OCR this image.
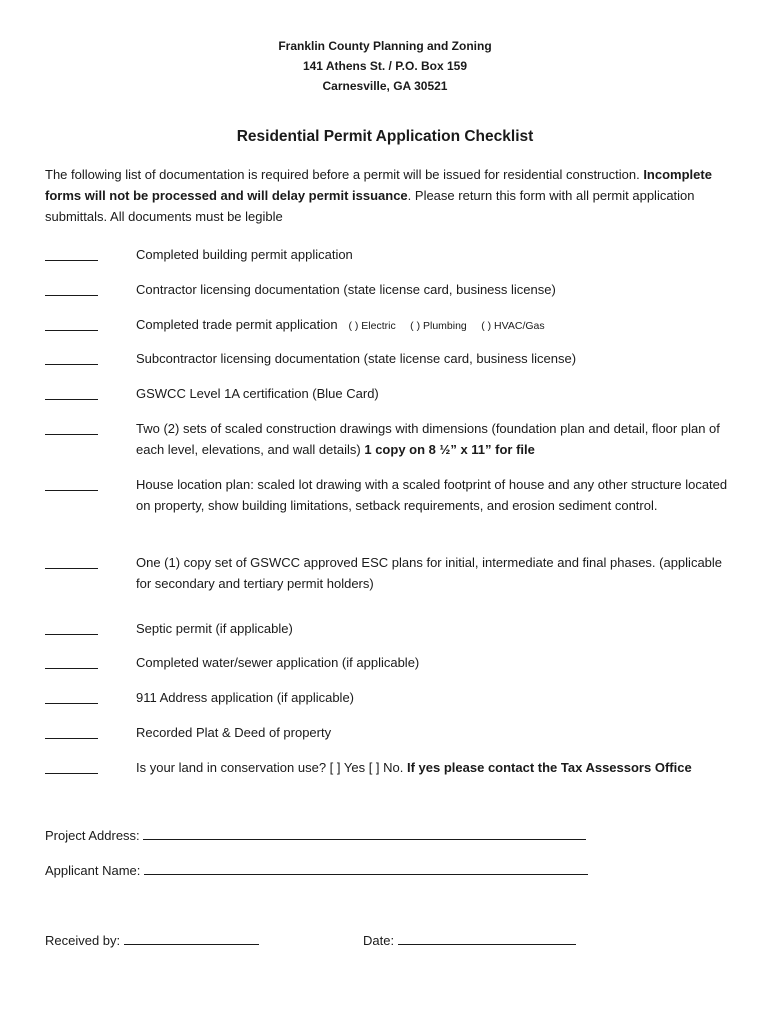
Franklin County Planning and Zoning
141 Athens St. / P.O. Box 159
Carnesville, GA 30521
Residential Permit Application Checklist
The following list of documentation is required before a permit will be issued for residential construction. Incomplete forms will not be processed and will delay permit issuance. Please return this form with all permit application submittals. All documents must be legible
Completed building permit application
Contractor licensing documentation (state license card, business license)
Completed trade permit application ( ) Electric ( ) Plumbing ( ) HVAC/Gas
Subcontractor licensing documentation (state license card, business license)
GSWCC Level 1A certification (Blue Card)
Two (2) sets of scaled construction drawings with dimensions (foundation plan and detail, floor plan of each level, elevations, and wall details) 1 copy on 8 ½” x 11” for file
House location plan: scaled lot drawing with a scaled footprint of house and any other structure located on property, show building limitations, setback requirements, and erosion sediment control.
One (1) copy set of GSWCC approved ESC plans for initial, intermediate and final phases. (applicable for secondary and tertiary permit holders)
Septic permit (if applicable)
Completed water/sewer application (if applicable)
911 Address application (if applicable)
Recorded Plat & Deed of property
Is your land in conservation use? [ ] Yes [ ] No. If yes please contact the Tax Assessors Office
Project Address:
Applicant Name:
Received by:	Date:
